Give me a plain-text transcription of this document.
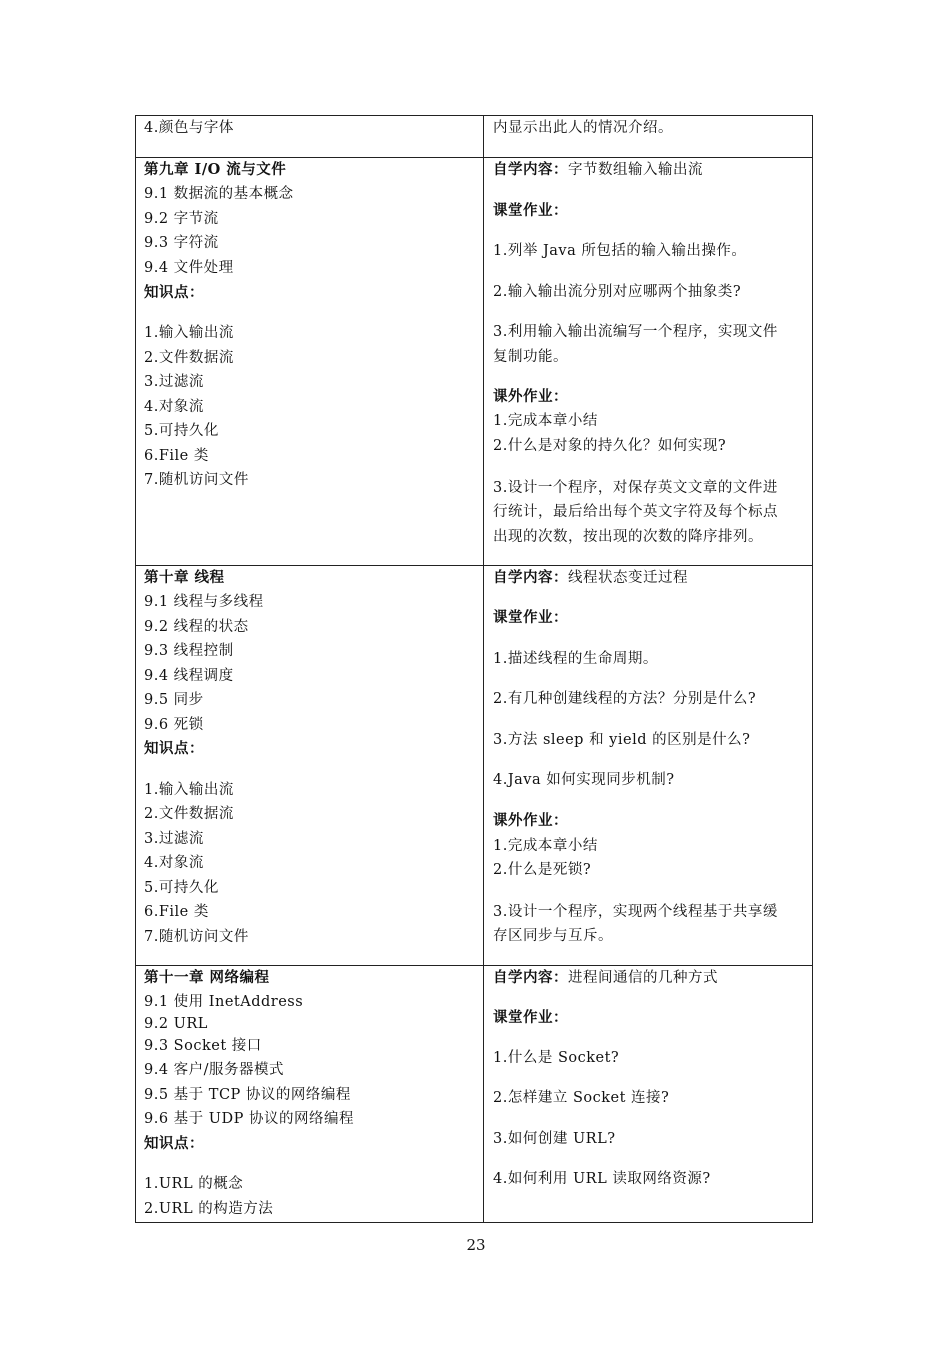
4.颜色与字体	内显示出此人的情况介绍。
第九章 I/O 流与文件
9.1 数据流的基本概念
9.2 字节流
9.3 字符流
9.4 文件处理
知识点：
1.输入输出流
2.文件数据流
3.过滤流
4.对象流
5.可持久化
6.File 类
7.随机访问文件
自学内容：字节数组输入输出流
课堂作业：
1.列举 Java 所包括的输入输出操作。
2.输入输出流分别对应哪两个抽象类?
3.利用输入输出流编写一个程序，实现文件
复制功能。
课外作业：
1.完成本章小结
2.什么是对象的持久化？如何实现?
3.设计一个程序，对保存英文文章的文件进
行统计，最后给出每个英文字符及每个标点
出现的次数，按出现的次数的降序排列。
第十章 线程
9.1 线程与多线程
9.2 线程的状态
9.3 线程控制
9.4 线程调度
9.5 同步
9.6 死锁
知识点：
1.输入输出流
2.文件数据流
3.过滤流
4.对象流
5.可持久化
6.File 类
7.随机访问文件
自学内容：线程状态变迁过程
课堂作业：
1.描述线程的生命周期。
2.有几种创建线程的方法？分别是什么?
3.方法 sleep 和 yield 的区别是什么?
4.Java 如何实现同步机制?
课外作业：
1.完成本章小结
2.什么是死锁?
3.设计一个程序，实现两个线程基于共享缓
存区同步与互斥。
第十一章 网络编程
9.1 使用 InetAddress
9.2 URL
9.3 Socket 接口
9.4 客户/服务器模式
9.5 基于 TCP 协议的网络编程
9.6 基于 UDP 协议的网络编程
知识点：
1.URL 的概念
2.URL 的构造方法
自学内容：进程间通信的几种方式
课堂作业：
1.什么是 Socket?
2.怎样建立 Socket 连接?
3.如何创建 URL?
4.如何利用 URL 读取网络资源?
23
